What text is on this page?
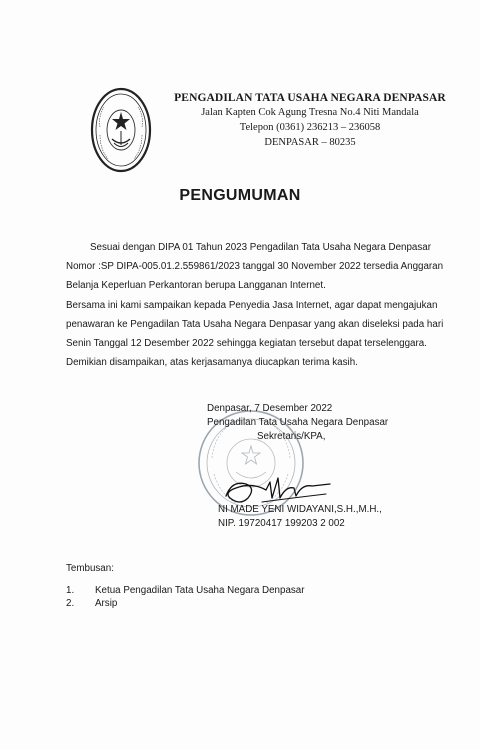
PENGADILAN TATA USAHA NEGARA DENPASAR
Jalan Kapten Cok Agung Tresna No.4 Niti Mandala
Telepon (0361) 236213 – 236058
DENPASAR – 80235
PENGUMUMAN

Sesuai dengan DIPA 01 Tahun 2023 Pengadilan Tata Usaha Negara Denpasar Nomor :SP DIPA-005.01.2.559861/2023 tanggal 30 November 2022 tersedia Anggaran Belanja Keperluan Perkantoran berupa Langganan Internet.

Bersama ini kami sampaikan kepada Penyedia Jasa Internet, agar dapat mengajukan penawaran ke Pengadilan Tata Usaha Negara Denpasar yang akan diseleksi pada hari Senin Tanggal 12 Desember 2022 sehingga kegiatan tersebut dapat terselenggara.

Demikian disampaikan, atas kerjasamanya diucapkan terima kasih.

Denpasar, 7 Desember 2022
Pengadilan Tata Usaha Negara Denpasar
Sekretaris/KPA,
NI MADE YENI WIDAYANI,S.H.,M.H.,
NIP. 19720417 199203 2 002
Tembusan:
1.	Ketua Pengadilan Tata Usaha Negara Denpasar
2.	Arsip
